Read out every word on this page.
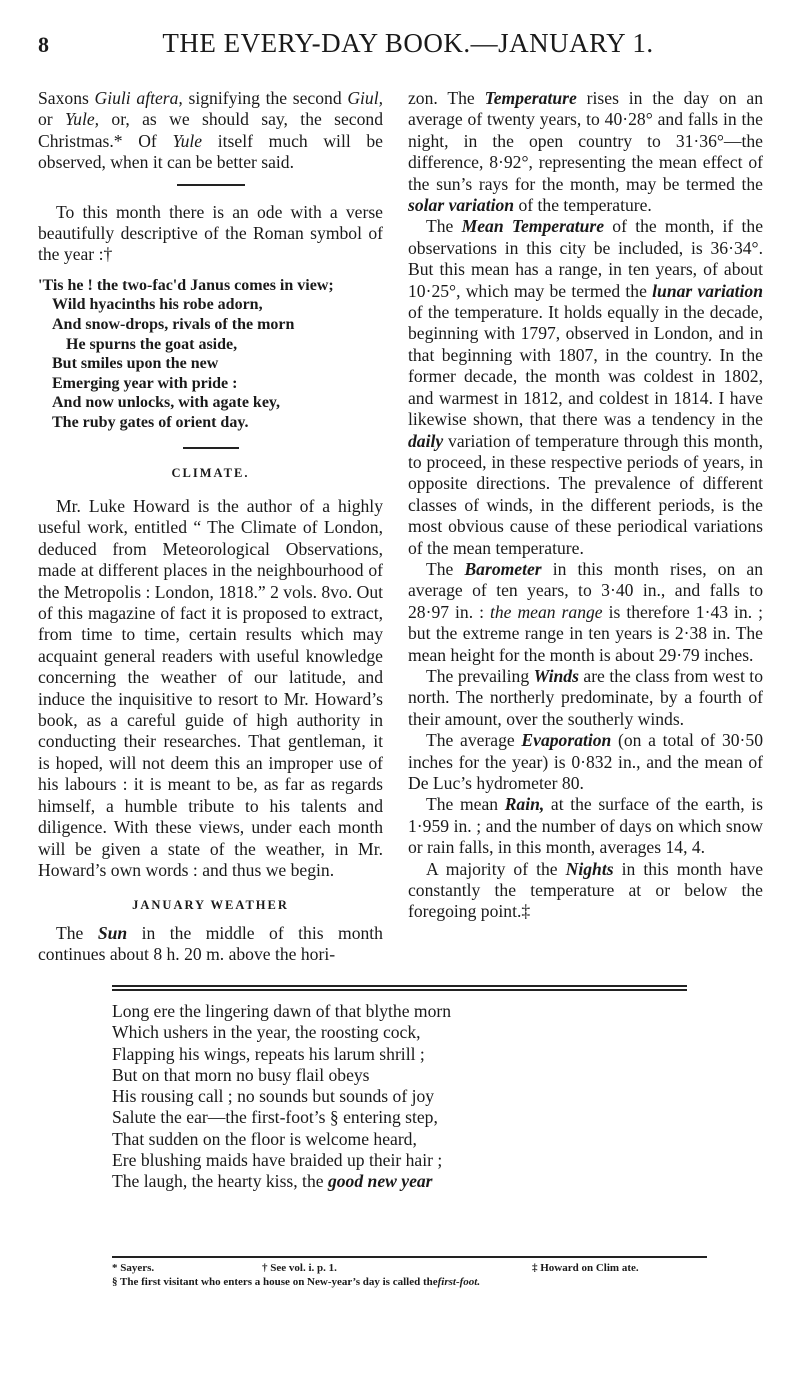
8	THE EVERY-DAY BOOK.—JANUARY 1.

Saxons Giuli aftera, signifying the second Giul, or Yule, or, as we should say, the second Christmas.* Of Yule itself much will be observed, when it can be better said.

To this month there is an ode with a verse beautifully descriptive of the Roman symbol of the year :†

'Tis he ! the two-fac'd Janus comes in view;
Wild hyacinths his robe adorn,
And snow-drops, rivals of the morn
He spurns the goat aside,
But smiles upon the new
Emerging year with pride :
And now unlocks, with agate key,
The ruby gates of orient day.
CLIMATE.

Mr. Luke Howard is the author of a highly useful work, entitled “ The Climate of London, deduced from Meteorological Observations, made at different places in the neighbourhood of the Metropolis : London, 1818.” 2 vols. 8vo. Out of this magazine of fact it is proposed to extract, from time to time, certain results which may acquaint general readers with useful knowledge concerning the weather of our latitude, and induce the inquisitive to resort to Mr. Howard’s book, as a careful guide of high authority in conducting their researches. That gentleman, it is hoped, will not deem this an improper use of his labours : it is meant to be, as far as regards himself, a humble tribute to his talents and diligence. With these views, under each month will be given a state of the weather, in Mr. Howard’s own words : and thus we begin.

JANUARY WEATHER

The Sun in the middle of this month continues about 8 h. 20 m. above the hori-

zon. The Temperature rises in the day on an average of twenty years, to 40·28° and falls in the night, in the open country to 31·36°—the difference, 8·92°, representing the mean effect of the sun’s rays for the month, may be termed the solar variation of the temperature.

The Mean Temperature of the month, if the observations in this city be included, is 36·34°. But this mean has a range, in ten years, of about 10·25°, which may be termed the lunar variation of the temperature. It holds equally in the decade, beginning with 1797, observed in London, and in that beginning with 1807, in the country. In the former decade, the month was coldest in 1802, and warmest in 1812, and coldest in 1814. I have likewise shown, that there was a tendency in the daily variation of temperature through this month, to proceed, in these respective periods of years, in opposite directions. The prevalence of different classes of winds, in the different periods, is the most obvious cause of these periodical variations of the mean temperature.

The Barometer in this month rises, on an average of ten years, to 3·40 in., and falls to 28·97 in. : the mean range is therefore 1·43 in. ; but the extreme range in ten years is 2·38 in. The mean height for the month is about 29·79 inches.

The prevailing Winds are the class from west to north. The northerly predominate, by a fourth of their amount, over the southerly winds.

The average Evaporation (on a total of 30·50 inches for the year) is 0·832 in., and the mean of De Luc’s hydrometer 80.

The mean Rain, at the surface of the earth, is 1·959 in. ; and the number of days on which snow or rain falls, in this month, averages 14, 4.

A majority of the Nights in this month have constantly the temperature at or below the foregoing point.‡

Long ere the lingering dawn of that blythe morn
Which ushers in the year, the roosting cock,
Flapping his wings, repeats his larum shrill ;
But on that morn no busy flail obeys
His rousing call ; no sounds but sounds of joy
Salute the ear—the first-foot’s § entering step,
That sudden on the floor is welcome heard,
Ere blushing maids have braided up their hair ;
The laugh, the hearty kiss, the good new year
* Sayers.	† See vol. i. p. 1.	‡ Howard on Clim ate.
§ The first visitant who enters a house on New-year’s day is called thefirst-foot.
